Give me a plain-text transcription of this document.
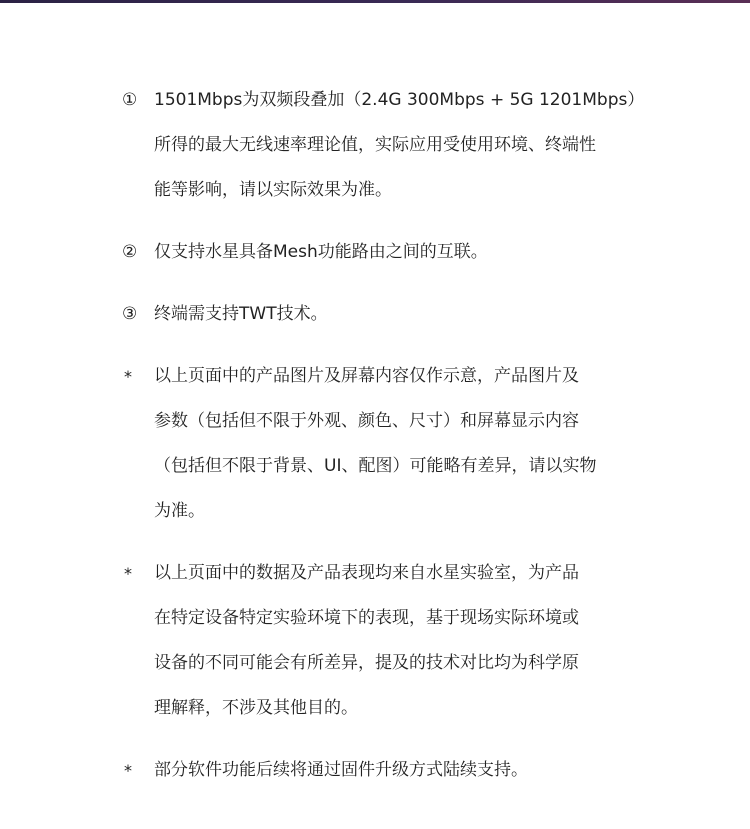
① 1501Mbps为双频段叠加（2.4G 300Mbps + 5G 1201Mbps）
所得的最大无线速率理论值，实际应用受使用环境、终端性
能等影响，请以实际效果为准。
② 仅支持水星具备Mesh功能路由之间的互联。
③ 终端需支持TWT技术。
*	以上页面中的产品图片及屏幕内容仅作示意，产品图片及
参数（包括但不限于外观、颜色、尺寸）和屏幕显示内容
（包括但不限于背景、UI、配图）可能略有差异，请以实物
为准。
*	以上页面中的数据及产品表现均来自水星实验室，为产品
在特定设备特定实验环境下的表现，基于现场实际环境或
设备的不同可能会有所差异，提及的技术对比均为科学原
理解释，不涉及其他目的。
*	部分软件功能后续将通过固件升级方式陆续支持。
